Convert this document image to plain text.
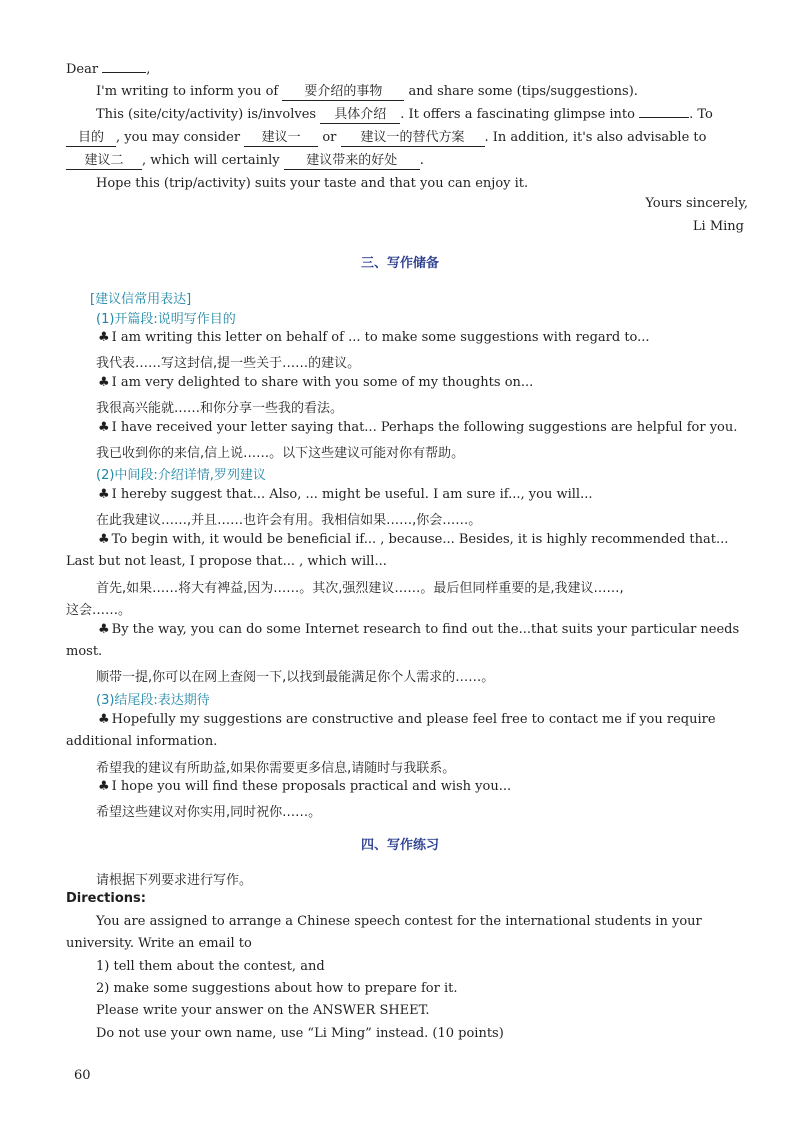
Dear	,
I'm writing to inform you of 要介绍的事物 and share some (tips/suggestions).
This (site/city/activity) is/involves 具体介绍 . It offers a fascinating glimpse into	. To
目的 , you may consider 建议一 or 建议一的替代方案 . In addition, it's also advisable to
建议二 , which will certainly 建议带来的好处 .
Hope this (trip/activity) suits your taste and that you can enjoy it.
Yours sincerely,
Li Ming
三、写作储备
[建议信常用表达]
(1)开篇段:说明写作目的
♣ I am writing this letter on behalf of ... to make some suggestions with regard to...
我代表……写这封信,提一些关于……的建议。
♣ I am very delighted to share with you some of my thoughts on...
我很高兴能就……和你分享一些我的看法。
♣ I have received your letter saying that... Perhaps the following suggestions are helpful for you.
我已收到你的来信,信上说……。以下这些建议可能对你有帮助。
(2)中间段:介绍详情,罗列建议
♣ I hereby suggest that... Also, ... might be useful. I am sure if..., you will...
在此我建议……,并且……也许会有用。我相信如果……,你会……。
♣ To begin with, it would be beneficial if... , because... Besides, it is highly recommended that...
Last but not least, I propose that... , which will...
首先,如果……将大有裨益,因为……。其次,强烈建议……。最后但同样重要的是,我建议……,
这会……。
♣ By the way, you can do some Internet research to find out the...that suits your particular needs
most.
顺带一提,你可以在网上查阅一下,以找到最能满足你个人需求的……。
(3)结尾段:表达期待
♣ Hopefully my suggestions are constructive and please feel free to contact me if you require
additional information.
希望我的建议有所助益,如果你需要更多信息,请随时与我联系。
♣ I hope you will find these proposals practical and wish you...
希望这些建议对你实用,同时祝你……。
四、写作练习
请根据下列要求进行写作。
Directions:
You are assigned to arrange a Chinese speech contest for the international students in your
university. Write an email to
1) tell them about the contest, and
2) make some suggestions about how to prepare for it.
Please write your answer on the ANSWER SHEET.
Do not use your own name, use “Li Ming” instead. (10 points)
60
